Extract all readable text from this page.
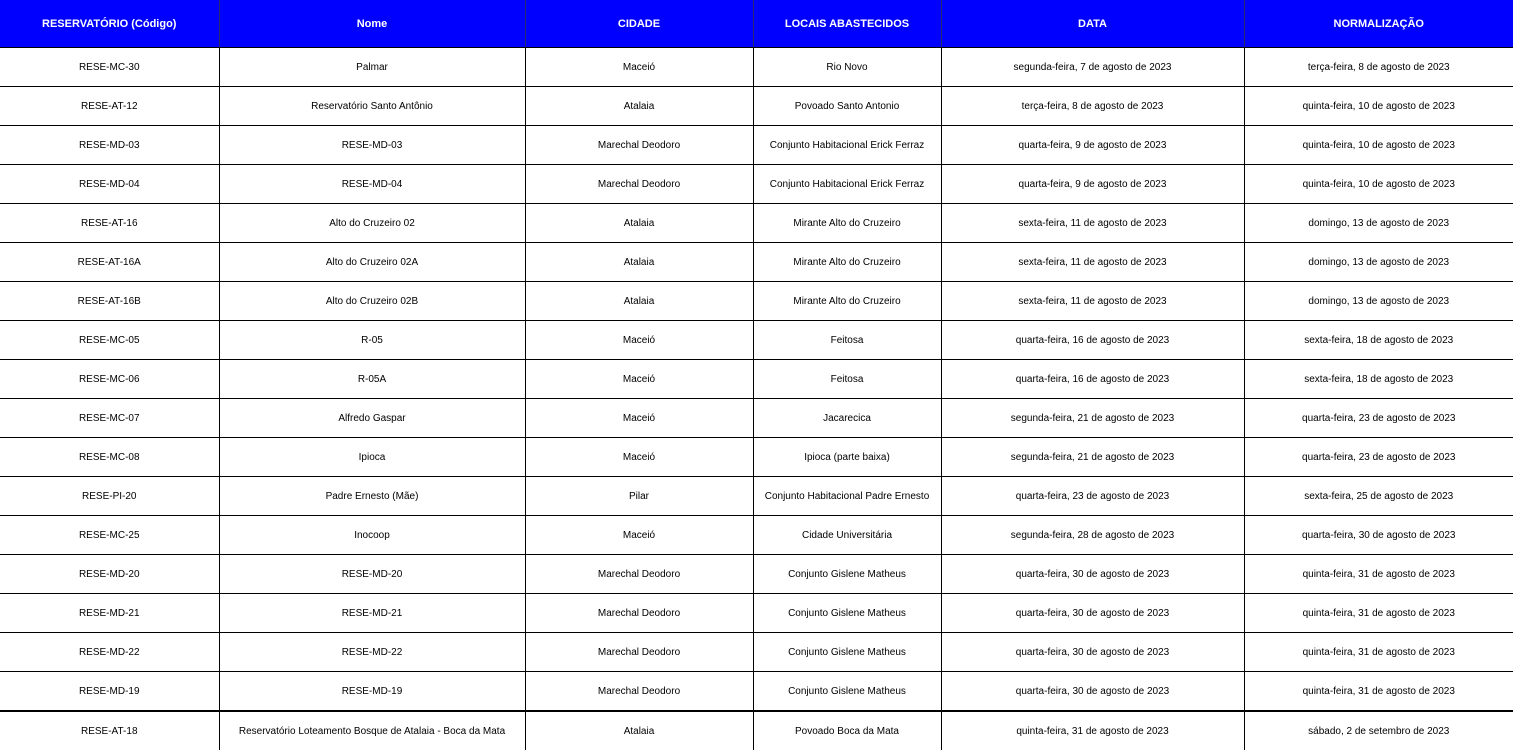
RESERVATÓRIO (Código)	Nome	CIDADE	LOCAIS ABASTECIDOS	DATA	NORMALIZAÇÃO
RESE-MC-30	Palmar	Maceió	Rio Novo	segunda-feira, 7 de agosto de 2023	terça-feira, 8 de agosto de 2023
RESE-AT-12	Reservatório Santo Antônio	Atalaia	Povoado Santo Antonio	terça-feira, 8 de agosto de 2023	quinta-feira, 10 de agosto de 2023
RESE-MD-03	RESE-MD-03	Marechal Deodoro	Conjunto Habitacional Erick Ferraz	quarta-feira, 9 de agosto de 2023	quinta-feira, 10 de agosto de 2023
RESE-MD-04	RESE-MD-04	Marechal Deodoro	Conjunto Habitacional Erick Ferraz	quarta-feira, 9 de agosto de 2023	quinta-feira, 10 de agosto de 2023
RESE-AT-16	Alto do Cruzeiro 02	Atalaia	Mirante Alto do Cruzeiro	sexta-feira, 11 de agosto de 2023	domingo, 13 de agosto de 2023
RESE-AT-16A	Alto do Cruzeiro 02A	Atalaia	Mirante Alto do Cruzeiro	sexta-feira, 11 de agosto de 2023	domingo, 13 de agosto de 2023
RESE-AT-16B	Alto do Cruzeiro 02B	Atalaia	Mirante Alto do Cruzeiro	sexta-feira, 11 de agosto de 2023	domingo, 13 de agosto de 2023
RESE-MC-05	R-05	Maceió	Feitosa	quarta-feira, 16 de agosto de 2023	sexta-feira, 18 de agosto de 2023
RESE-MC-06	R-05A	Maceió	Feitosa	quarta-feira, 16 de agosto de 2023	sexta-feira, 18 de agosto de 2023
RESE-MC-07	Alfredo Gaspar	Maceió	Jacarecica	segunda-feira, 21 de agosto de 2023	quarta-feira, 23 de agosto de 2023
RESE-MC-08	Ipioca	Maceió	Ipioca (parte baixa)	segunda-feira, 21 de agosto de 2023	quarta-feira, 23 de agosto de 2023
RESE-PI-20	Padre Ernesto (Mãe)	Pilar	Conjunto Habitacional Padre Ernesto	quarta-feira, 23 de agosto de 2023	sexta-feira, 25 de agosto de 2023
RESE-MC-25	Inocoop	Maceió	Cidade Universitária	segunda-feira, 28 de agosto de 2023	quarta-feira, 30 de agosto de 2023
RESE-MD-20	RESE-MD-20	Marechal Deodoro	Conjunto Gislene Matheus	quarta-feira, 30 de agosto de 2023	quinta-feira, 31 de agosto de 2023
RESE-MD-21	RESE-MD-21	Marechal Deodoro	Conjunto Gislene Matheus	quarta-feira, 30 de agosto de 2023	quinta-feira, 31 de agosto de 2023
RESE-MD-22	RESE-MD-22	Marechal Deodoro	Conjunto Gislene Matheus	quarta-feira, 30 de agosto de 2023	quinta-feira, 31 de agosto de 2023
RESE-MD-19	RESE-MD-19	Marechal Deodoro	Conjunto Gislene Matheus	quarta-feira, 30 de agosto de 2023	quinta-feira, 31 de agosto de 2023
RESE-AT-18	Reservatório Loteamento Bosque de Atalaia - Boca da Mata	Atalaia	Povoado Boca da Mata	quinta-feira, 31 de agosto de 2023	sábado, 2 de setembro de 2023
